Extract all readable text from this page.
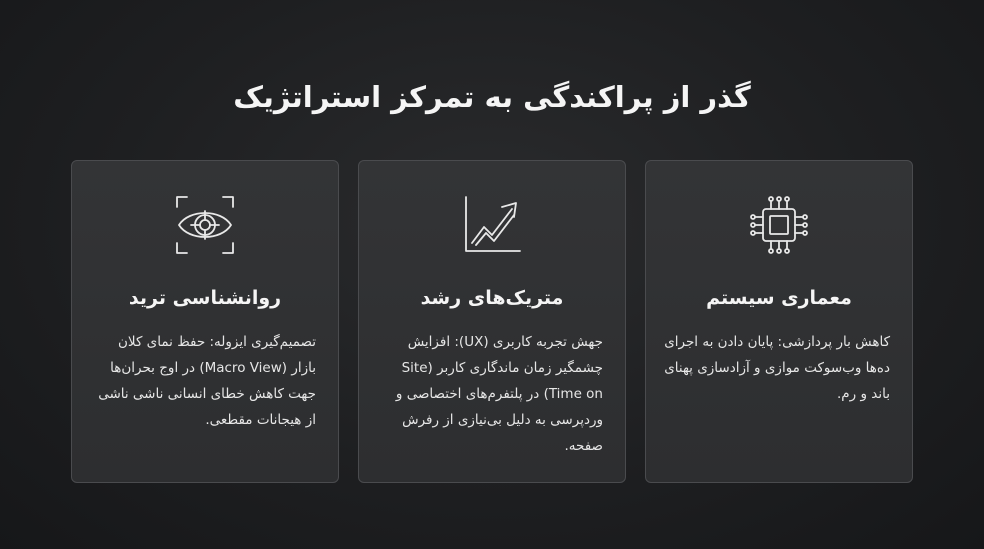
گذر از پراکندگی به تمرکز استراتژیک
معماری سیستم
کاهش بار پردازشی: پایان دادن به اجرای دەها وب‌سوکت موازی و آزادسازی پهنای باند و رم.
متریک‌های رشد
جهش تجربه کاربری (UX): افزایش چشمگیر زمان ماندگاری کاربر (Site Time on) در پلتفرم‌های اختصاصی و وردپرسی به دلیل بی‌نیازی از رفرش صفحه.
روانشناسی ترید
تصمیم‌گیری ایزوله: حفظ نمای کلان بازار (Macro View) در اوج بحران‌ها جهت کاهش خطای انسانی ناشی ناشی از هیجانات مقطعی.
